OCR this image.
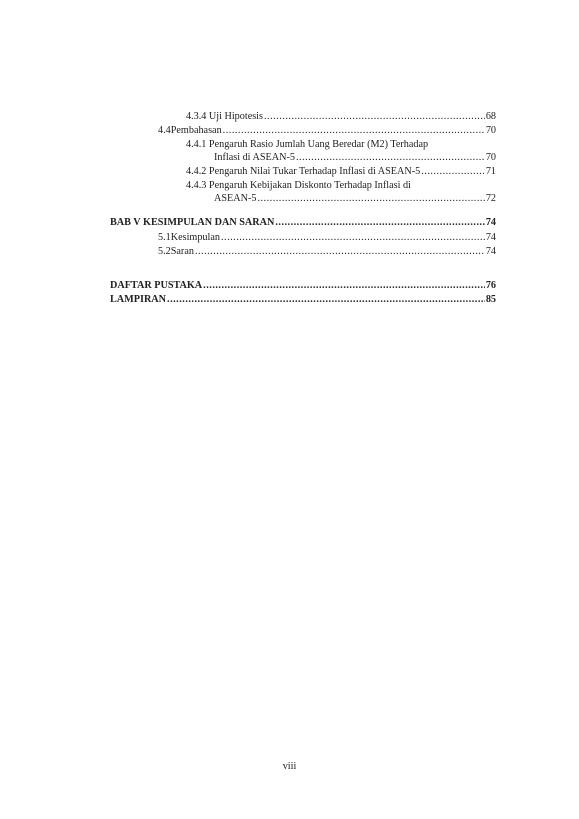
4.3.4 Uji Hipotesis .....	68
4.4 Pembahasan .....	70
4.4.1 Pengaruh Rasio Jumlah Uang Beredar (M2) Terhadap
Inflasi di ASEAN-5 .....	70
4.4.2 Pengaruh Nilai Tukar Terhadap Inflasi di ASEAN-5 .....	71
4.4.3 Pengaruh Kebijakan Diskonto Terhadap Inflasi di
ASEAN-5 .....	72
BAB V KESIMPULAN DAN SARAN .....	74
5.1 Kesimpulan .....	74
5.2 Saran .....	74
DAFTAR PUSTAKA .....	76
LAMPIRAN .....	85
viii
